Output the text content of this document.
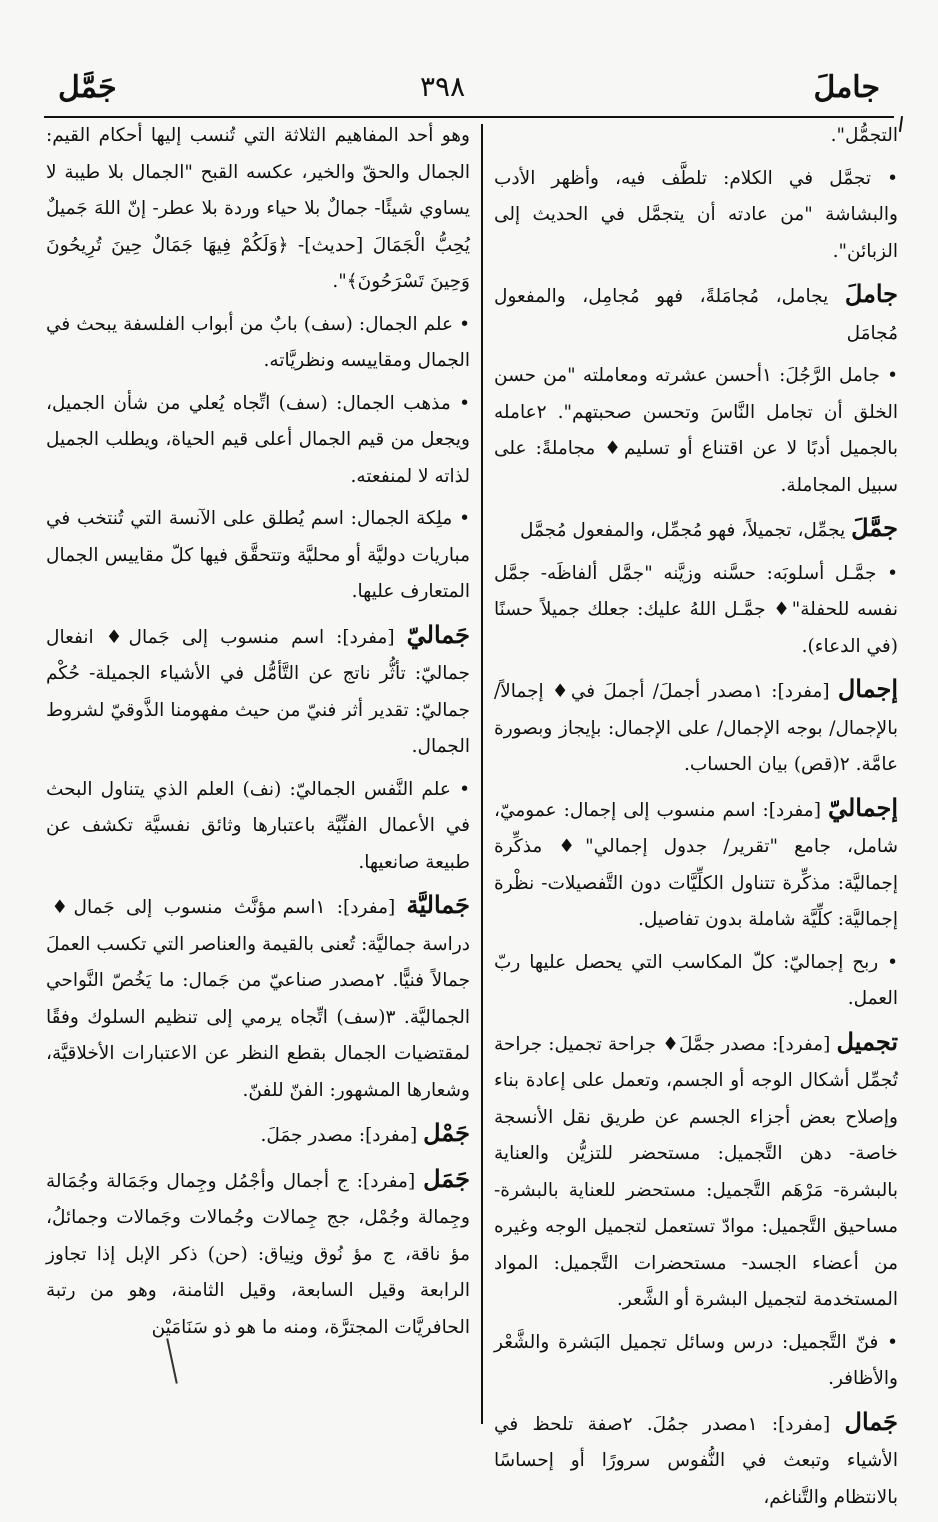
جاملَ
٣٩٨
جَمَّل

التجمُّل".

• تجمَّل في الكلام: تلطَّف فيه، وأظهر الأدب والبشاشة "من عادته أن يتجمَّل في الحديث إلى الزبائن".

جاملَ يجامل، مُجامَلةً، فهو مُجامِل، والمفعول مُجامَل

• جامل الرَّجُلَ: ١أحسن عشرته ومعاملته "من حسن الخلق أن تجامل النَّاسَ وتحسن صحبتهم". ٢عامله بالجميل أدبًا لا عن اقتناع أو تسليم♦ مجاملةً: على سبيل المجاملة.

جمَّلَ يجمِّل، تجميلاً، فهو مُجمِّل، والمفعول مُجمَّل

• جمَّـل أسلوبَه: حسَّنه وزيَّنه "جمَّل ألفاظَه- جمَّل نفسه للحفلة"♦ جمَّـل اللهُ عليك: جعلك جميلاً حسنًا (في الدعاء).

إجمال [مفرد]: ١مصدر أجملَ/ أجملَ في♦ إجمالاً/ بالإجمال/ بوجه الإجمال/ على الإجمال: بإيجاز وبصورة عامَّة. ٢(قص) بيان الحساب.

إجماليّ [مفرد]: اسم منسوب إلى إجمال: عموميّ، شامل، جامع "تقرير/ جدول إجمالي"♦ مذكِّرة إجماليَّة: مذكِّرة تتناول الكلِّيَّات دون التَّفصيلات- نظْرة إجماليَّة: كلِّيَّة شاملة بدون تفاصيل.

• ربح إجماليّ: كلّ المكاسب التي يحصل عليها ربّ العمل.

تجميل [مفرد]: مصدر جمَّلَ♦ جراحة تجميل: جراحة تُجمِّل أشكال الوجه أو الجسم، وتعمل على إعادة بناء وإصلاح بعض أجزاء الجسم عن طريق نقل الأنسجة خاصة- دهن التَّجميل: مستحضر للتزيُّن والعناية بالبشرة- مَرْهَم التَّجميل: مستحضر للعناية بالبشرة- مساحيق التَّجميل: موادّ تستعمل لتجميل الوجه وغيره من أعضاء الجسد- مستحضرات التَّجميل: المواد المستخدمة لتجميل البشرة أو الشَّعر.

• فنّ التَّجميل: درس وسائل تجميل البَشرة والشَّعْر والأظافر.

جَمال [مفرد]: ١مصدر جمُلَ. ٢صفة تلحظ في الأشياء وتبعث في النُّفوس سرورًا أو إحساسًا بالانتظام والتَّناغم،

وهو أحد المفاهيم الثلاثة التي تُنسب إليها أحكام القيم: الجمال والحقّ والخير، عكسه القبح "الجمال بلا طيبة لا يساوي شيئًا- جمالٌ بلا حياء وردة بلا عطر- إنّ اللهَ جَميلٌ يُحِبُّ الْجَمَالَ [حديث]- ﴿وَلَكُمْ فِيهَا جَمَالٌ حِينَ تُرِيحُونَ وَحِينَ تَسْرَحُونَ﴾".

• علم الجمال: (سف) بابٌ من أبواب الفلسفة يبحث في الجمال ومقاييسه ونظريَّاته.

• مذهب الجمال: (سف) اتِّجاه يُعلي من شأن الجميل، ويجعل من قيم الجمال أعلى قيم الحياة، ويطلب الجميل لذاته لا لمنفعته.

• ملِكة الجمال: اسم يُطلق على الآنسة التي تُنتخب في مباريات دوليَّة أو محليَّة وتتحقَّق فيها كلّ مقاييس الجمال المتعارف عليها.

جَماليّ [مفرد]: اسم منسوب إلى جَمال♦ انفعال جماليّ: تأثُّر ناتج عن التَّأمُّل في الأشياء الجميلة- حُكْم جماليّ: تقدير أثر فنيّ من حيث مفهومنا الذَّوقيّ لشروط الجمال.

• علم النَّفس الجماليّ: (نف) العلم الذي يتناول البحث في الأعمال الفنِّيَّة باعتبارها وثائق نفسيَّة تكشف عن طبيعة صانعيها.

جَماليَّة [مفرد]: ١اسم مؤنَّث منسوب إلى جَمال♦ دراسة جماليَّة: تُعنى بالقيمة والعناصر التي تكسب العملَ جمالاً فنيًّا. ٢مصدر صناعيّ من جَمال: ما يَخُصّ النَّواحي الجماليَّة. ٣(سف) اتِّجاه يرمي إلى تنظيم السلوك وفقًا لمقتضيات الجمال بقطع النظر عن الاعتبارات الأخلاقيَّة، وشعارها المشهور: الفنّ للفنّ.

جَمْل [مفرد]: مصدر جمَلَ.

جَمَل [مفرد]: ج أجمال وأجْمُل وجِمال وجَمَالة وجُمَالة وجِمالة وجُمْل، جج جِمالات وجُمالات وجَمالات وجمائلُ، مؤ ناقة، ج مؤ نُوق ونِياق: (حن) ذكر الإبل إذا تجاوز الرابعة وقيل السابعة، وقيل الثامنة، وهو من رتبة الحافريَّات المجترَّة، ومنه ما هو ذو سَنَامَيْن
